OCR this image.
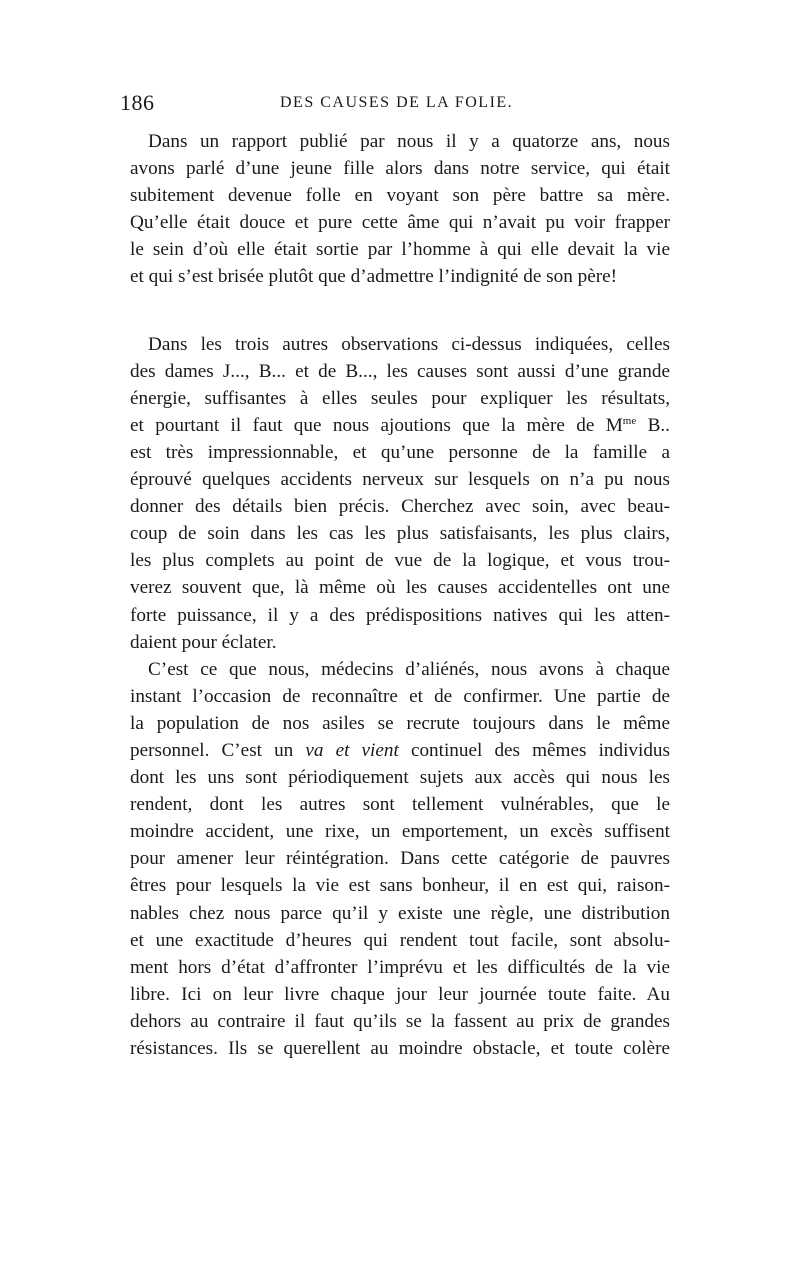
186	DES CAUSES DE LA FOLIE.
Dans un rapport publié par nous il y a quatorze ans, nous
avons parlé d’une jeune fille alors dans notre service, qui était
subitement devenue folle en voyant son père battre sa mère.
Qu’elle était douce et pure cette âme qui n’avait pu voir frapper
le sein d’où elle était sortie par l’homme à qui elle devait la vie
et qui s’est brisée plutôt que d’admettre l’indignité de son père!
Dans les trois autres observations ci-dessus indiquées, celles
des dames J..., B... et de B..., les causes sont aussi d’une grande
énergie, suffisantes à elles seules pour expliquer les résultats,
et pourtant il faut que nous ajoutions que la mère de $M^{me}$ B..
est très impressionnable, et qu’une personne de la famille a
éprouvé quelques accidents nerveux sur lesquels on n’a pu nous
donner des détails bien précis. Cherchez avec soin, avec beau-
coup de soin dans les cas les plus satisfaisants, les plus clairs,
les plus complets au point de vue de la logique, et vous trou-
verez souvent que, là même où les causes accidentelles ont une
forte puissance, il y a des prédispositions natives qui les atten-
daient pour éclater.
C’est ce que nous, médecins d’aliénés, nous avons à chaque
instant l’occasion de reconnaître et de confirmer. Une partie de
la population de nos asiles se recrute toujours dans le même
personnel. C’est un va et vient continuel des mêmes individus
dont les uns sont périodiquement sujets aux accès qui nous les
rendent, dont les autres sont tellement vulnérables, que le
moindre accident, une rixe, un emportement, un excès suffisent
pour amener leur réintégration. Dans cette catégorie de pauvres
êtres pour lesquels la vie est sans bonheur, il en est qui, raison-
nables chez nous parce qu’il y existe une règle, une distribution
et une exactitude d’heures qui rendent tout facile, sont absolu-
ment hors d’état d’affronter l’imprévu et les difficultés de la vie
libre. Ici on leur livre chaque jour leur journée toute faite. Au
dehors au contraire il faut qu’ils se la fassent au prix de grandes
résistances. Ils se querellent au moindre obstacle, et toute colère
